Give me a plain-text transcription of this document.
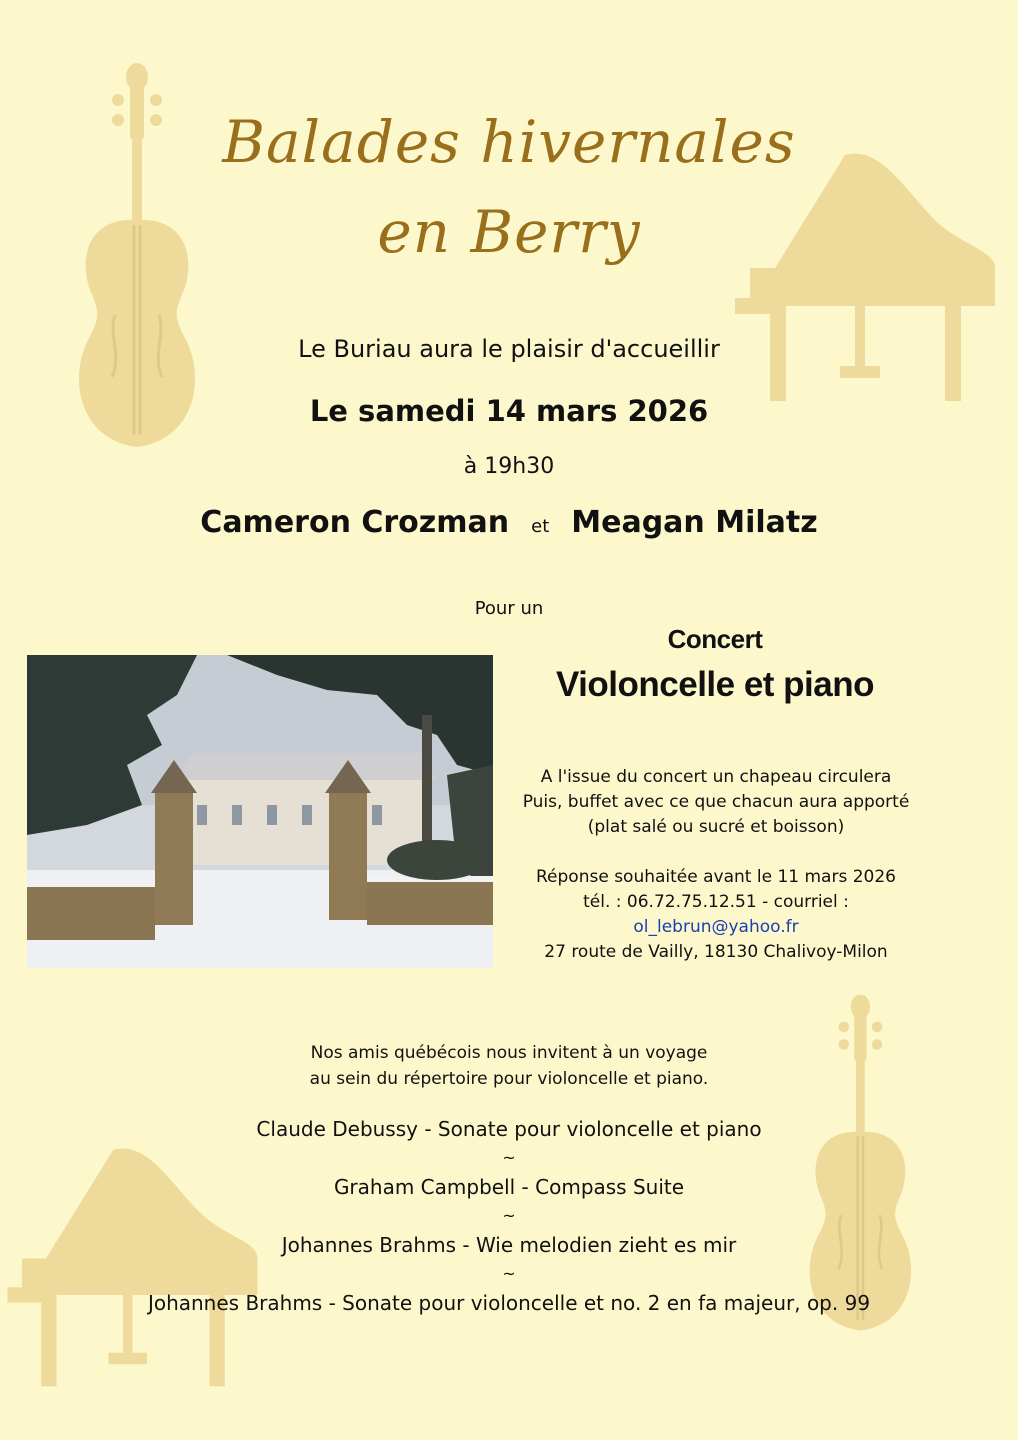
Balades hivernales

en Berry

Le Buriau aura le plaisir d'accueillir

Le samedi 14 mars 2026

à 19h30

Cameron Crozman et Meagan Milatz

Pour un

Concert
Violoncelle et piano
A l'issue du concert un chapeau circulera
Puis, buffet avec ce que chacun aura apporté
(plat salé ou sucré et boisson)
Réponse souhaitée avant le 11 mars 2026
tél. : 06.72.75.12.51 - courriel :
ol_lebrun@yahoo.fr
27 route de Vailly, 18130 Chalivoy-Milon
Nos amis québécois nous invitent à un voyage
au sein du répertoire pour violoncelle et piano.
Claude Debussy - Sonate pour violoncelle et piano
~
Graham Campbell - Compass Suite
~
Johannes Brahms - Wie melodien zieht es mir
~
Johannes Brahms - Sonate pour violoncelle et no. 2 en fa majeur, op. 99
